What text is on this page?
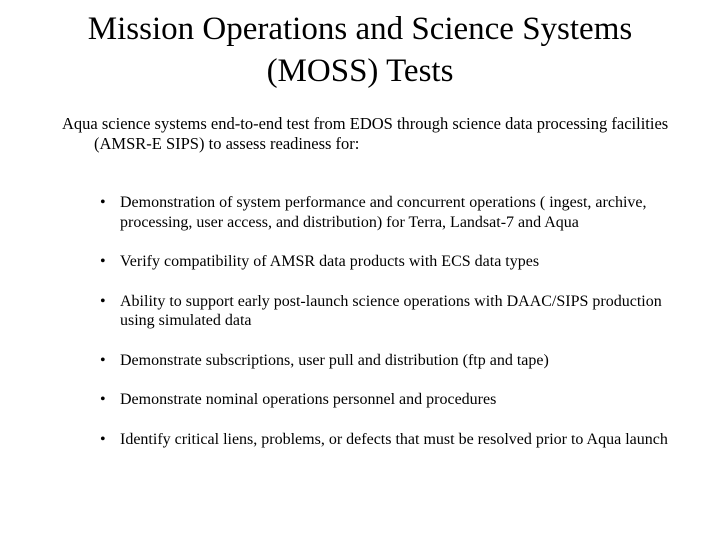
Mission Operations and Science Systems
(MOSS) Tests

Aqua science systems end-to-end test from EDOS through science data processing facilities (AMSR-E SIPS) to assess readiness for:

• Demonstration of system performance and concurrent operations ( ingest, archive, processing, user access, and distribution) for Terra, Landsat-7 and Aqua
• Verify compatibility of AMSR data products with ECS data types
• Ability to support early post-launch science operations with DAAC/SIPS production using simulated data
• Demonstrate subscriptions, user pull and distribution (ftp and tape)
• Demonstrate nominal operations personnel and procedures
• Identify critical liens, problems, or defects that must be resolved prior to Aqua launch
